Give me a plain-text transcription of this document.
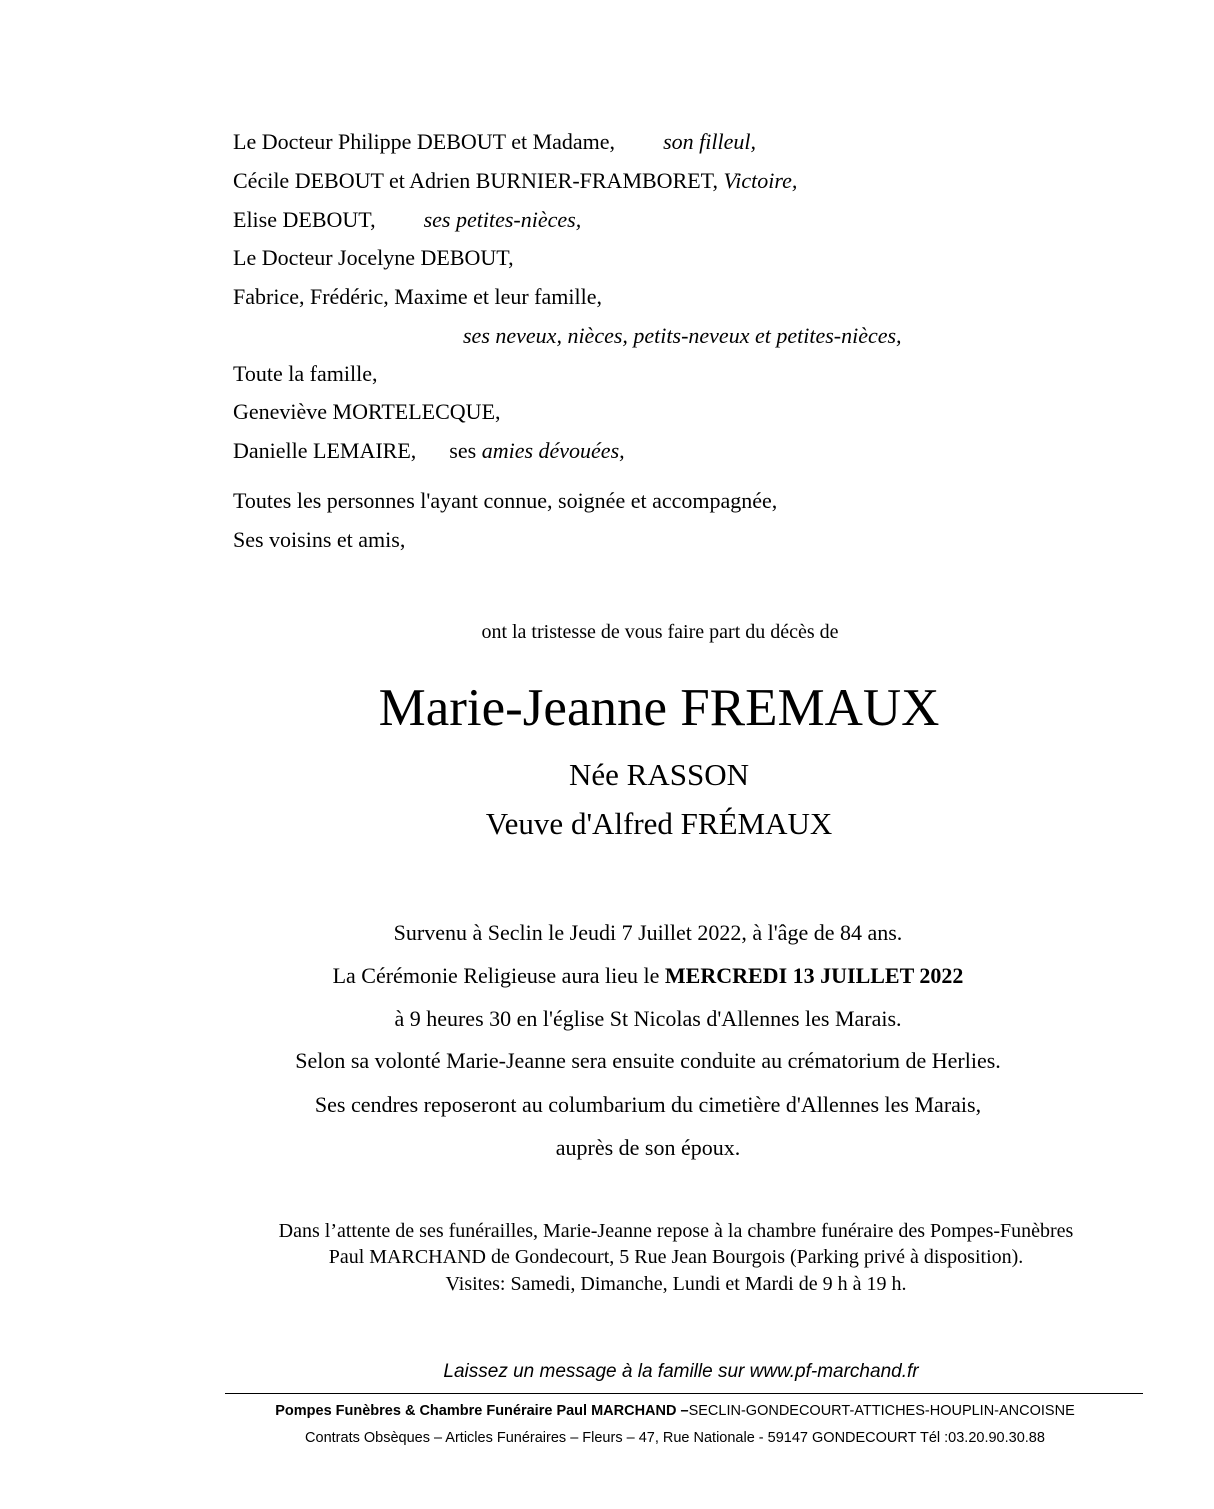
Le Docteur Philippe DEBOUT et Madame, son filleul,
Cécile DEBOUT et Adrien BURNIER-FRAMBORET, Victoire,
Elise DEBOUT, ses petites-nièces,
Le Docteur Jocelyne DEBOUT,
Fabrice, Frédéric, Maxime et leur famille,
ses neveux, nièces, petits-neveux et petites-nièces,
Toute la famille,
Geneviève MORTELECQUE,
Danielle LEMAIRE, ses amies dévouées,
Toutes les personnes l'ayant connue, soignée et accompagnée,
Ses voisins et amis,
ont la tristesse de vous faire part du décès de
Marie-Jeanne FREMAUX
Née RASSON
Veuve d'Alfred FRÉMAUX
Survenu à Seclin le Jeudi 7 Juillet 2022, à l'âge de 84 ans.
La Cérémonie Religieuse aura lieu le MERCREDI 13 JUILLET 2022
à 9 heures 30 en l'église St Nicolas d'Allennes les Marais.
Selon sa volonté Marie-Jeanne sera ensuite conduite au crématorium de Herlies.
Ses cendres reposeront au columbarium du cimetière d'Allennes les Marais,
auprès de son époux.
Dans l’attente de ses funérailles, Marie-Jeanne repose à la chambre funéraire des Pompes-Funèbres
Paul MARCHAND de Gondecourt, 5 Rue Jean Bourgois (Parking privé à disposition).
Visites: Samedi, Dimanche, Lundi et Mardi de 9 h à 19 h.
Laissez un message à la famille sur www.pf-marchand.fr
Pompes Funèbres & Chambre Funéraire Paul MARCHAND –SECLIN-GONDECOURT-ATTICHES-HOUPLIN-ANCOISNE
Contrats Obsèques – Articles Funéraires – Fleurs – 47, Rue Nationale - 59147 GONDECOURT Tél :03.20.90.30.88
